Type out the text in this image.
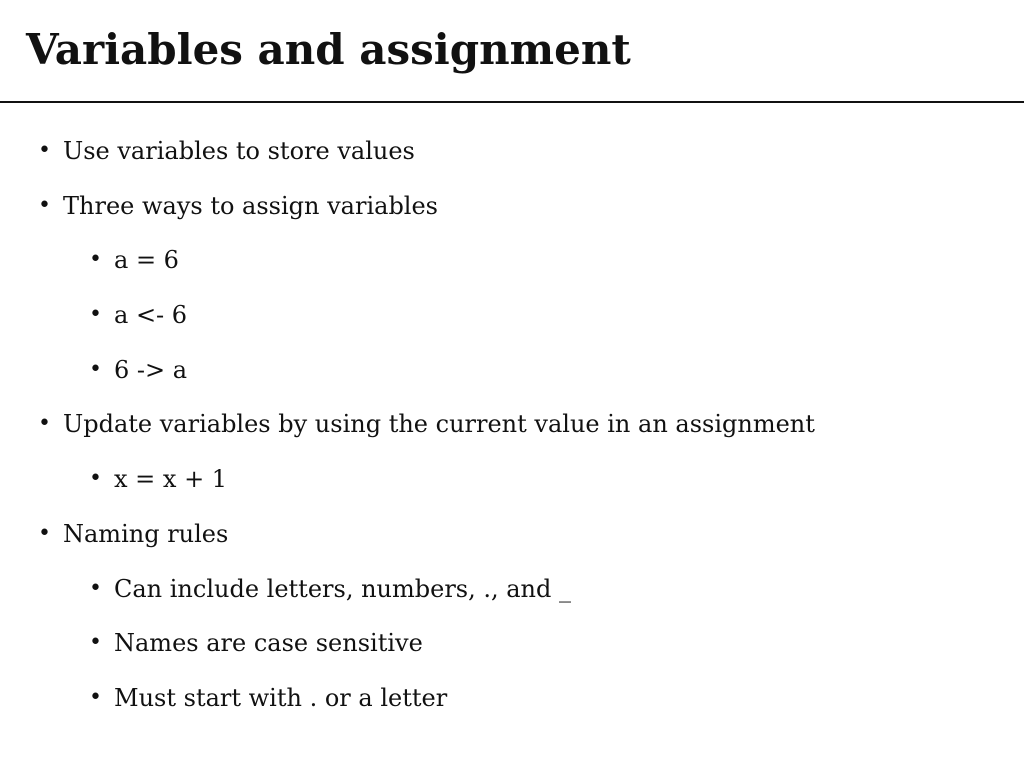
Variables and assignment
• Use variables to store values
• Three ways to assign variables
• a = 6
• a <- 6
• 6 -> a
• Update variables by using the current value in an assignment
• x = x + 1
• Naming rules
• Can include letters, numbers, ., and _
• Names are case sensitive
• Must start with . or a letter
